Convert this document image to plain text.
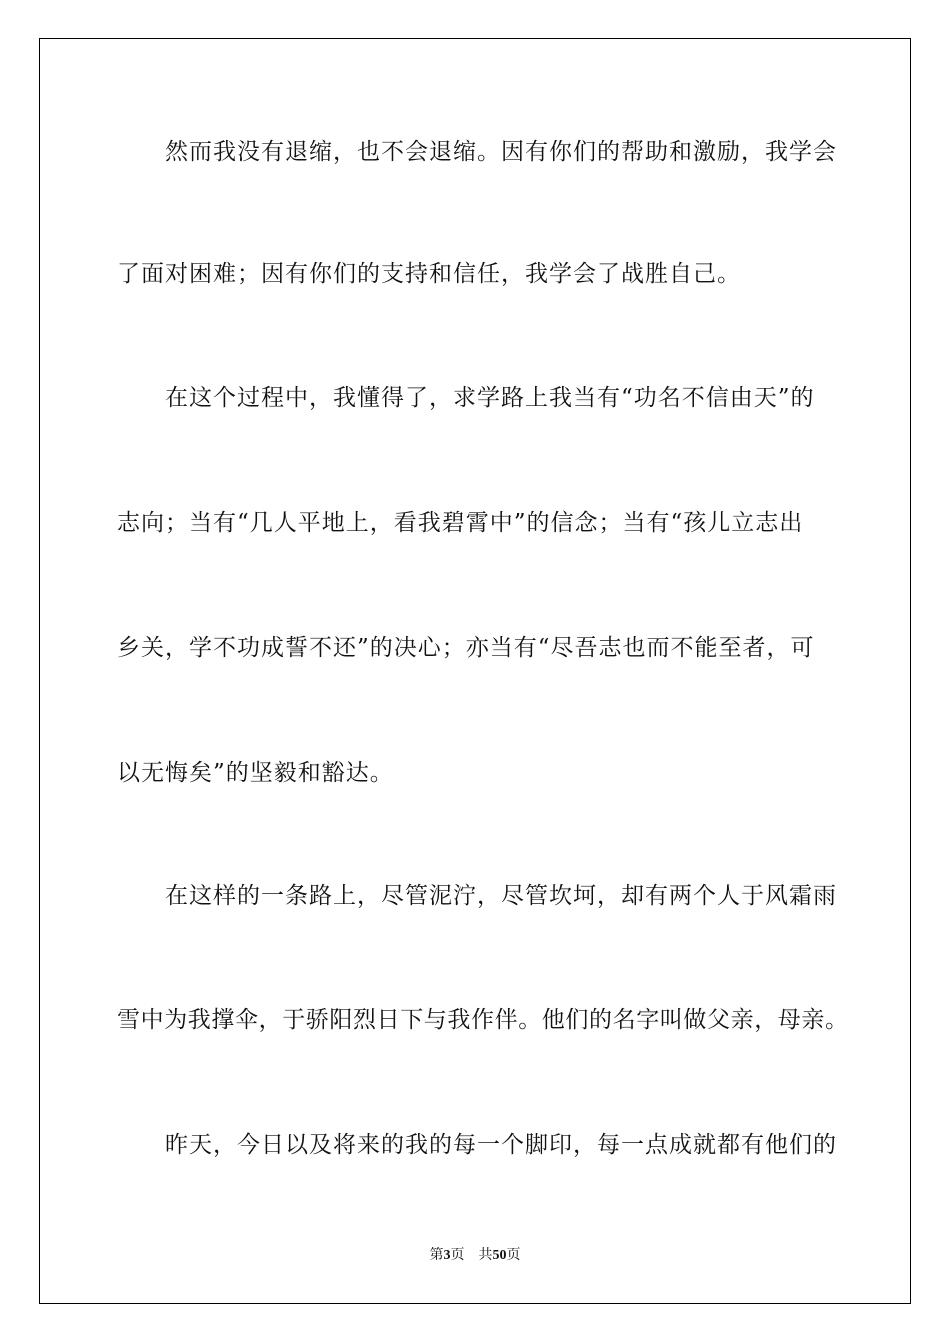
然而我没有退缩，也不会退缩。因有你们的帮助和激励，我学会
了面对困难；因有你们的支持和信任，我学会了战胜自己。
在这个过程中，我懂得了，求学路上我当有“功名不信由天”的
志向；当有“几人平地上，看我碧霄中”的信念；当有“孩儿立志出
乡关，学不功成誓不还”的决心；亦当有“尽吾志也而不能至者，可
以无悔矣”的坚毅和豁达。
在这样的一条路上，尽管泥泞，尽管坎坷，却有两个人于风霜雨
雪中为我撑伞，于骄阳烈日下与我作伴。他们的名字叫做父亲，母亲。
昨天，今日以及将来的我的每一个脚印，每一点成就都有他们的
第3页 共50页
